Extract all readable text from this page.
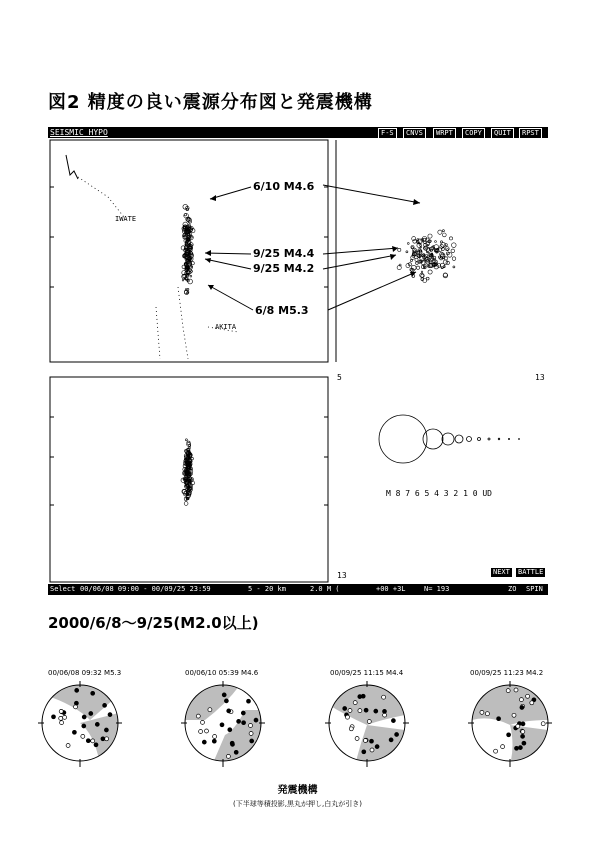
図2 精度の良い震源分布図と発震機構
SEISMIC HYPO	F-S	CNVS	WRPT	COPY	QUIT	RPST
5	13
13
M 8 7 6 5 4 3 2 1 0 UD
IWATE
AKITA
NEXT	BATTLE
Select 00/06/08 09:00 - 00/09/25 23:59	5 - 20 km	2.0 M (	+00 +3L	N= 193	ZO SPIN
6/10 M4.6
9/25 M4.4
9/25 M4.2
6/8 M5.3
2000/6/8～9/25(M2.0以上)
00/06/08 09:32 M5.3	00/06/10 05:39 M4.6	00/09/25 11:15 M4.4	00/09/25 11:23 M4.2
発震機構
(下半球等積投影,黒丸が押し,白丸が引き)
